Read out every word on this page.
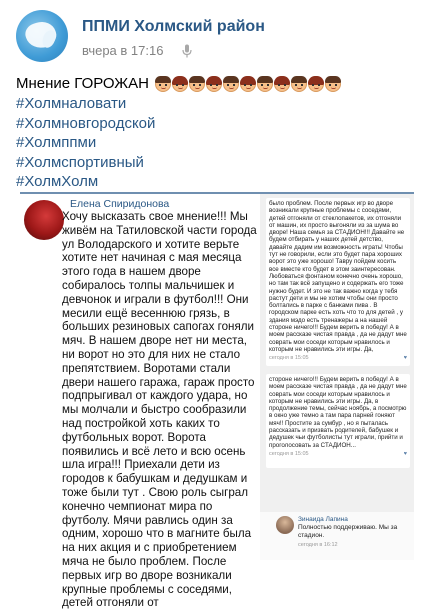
ППМИ Холмский район
вчера в 17:16
Мнение ГОРОЖАН
#Холмналовати
#Холмновгородской
#Холмппми
#Холмспортивный
#ХолмХолм
Елена Спиридонова
Хочу высказать свое мнение!!! Мы живём на Татиловской части города ул Володарского и хотите верьте хотите нет начиная с мая месяца этого года в нашем дворе собиралось толпы мальчишек и девчонок и играли в футбол!!! Они месили ещё весеннюю грязь, в больших резиновых сапогах гоняли мяч. В нашем дворе нет ни места, ни ворот но это для них не стало препятствием. Воротами стали двери нашего гаража, гараж просто подпрыгивал от каждого удара, но мы молчали и быстро сообразили над постройкой хоть каких то футбольных ворот. Ворота появились и всё лето и всю осень шла игра!!! Приехали дети из городов к бабушкам и дедушкам и тоже были тут . Свою роль сыграл конечно чемпионат мира по футболу. Мячи равлись один за одним, хорошо что в магните была на них акция и с приобретением мяча не было проблем. После первых игр во дворе возникали крупные проблемы с соседями, детей отгоняли от
было проблем. После первых игр во дворе возникали крупные проблемы с соседями, детей отгоняли от стеклопакетов, их отгоняли от машин, их просто выгоняли из за шума во дворе! Наша семья за СТАДИОН!!! Давайте не будем отбирать у наших детей детство, давайте дадим им возможность играть! Чтобы тут не говорили, если это будет пара хороших ворот это уже хорошо! Тавру пойдем косить все вместе кто будет в этом заинтересован. Любоваться фонтаном конечно очень хорошо, но там так всё запущено и содержать его тоже нужно будет. И это не так важно когда у тебя растут дети и мы не хотим чтобы они просто болтались в парке с банками пива . В городском парке есть хоть что то для детей , у здания мэдо есть тренажеры а на нашей стороне ничего!!! Будем верить в победу! А в моем рассказе чистая правда , да не дадут мне соврать мои соседи которым нравилось и которым не нравились эти игры. Да,
сегодня в 15:05	♥
стороне ничего!!! Будем верить в победу! А в моем рассказе чистая правда , да не дадут мне соврать мои соседи которым нравилось и которым не нравились эти игры. Да, в продолжение темы, сейчас ноябрь, а посмотрю в окно уже темно а там пара парней гоняют мяч!! Простите за сумбур , но я пыталась рассказать и призвать родителей, бабушек и дедушек чьи футболисты тут играли, прийти и проголосовать за СТАДИОН...
сегодня в 15:05	♥
Зинаида Лапина
Полностью поддерживаю. Мы за стадион.
сегодня в 16:12
